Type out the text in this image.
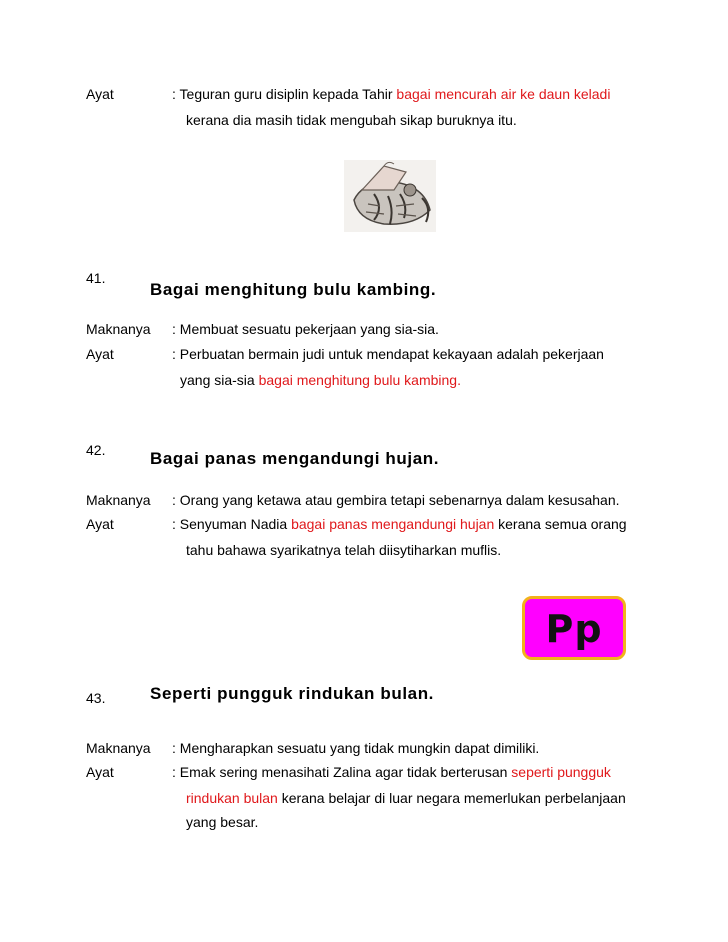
Ayat	: Teguran guru disiplin kepada Tahir bagai mencurah air ke daun keladi
kerana dia masih tidak mengubah sikap buruknya itu.
41.
Bagai menghitung bulu kambing.
Maknanya : Membuat sesuatu pekerjaan yang sia-sia.
Ayat	: Perbuatan bermain judi untuk mendapat kekayaan adalah pekerjaan
yang sia-sia bagai menghitung bulu kambing.
42.	Bagai panas mengandungi hujan.
Maknanya : Orang yang ketawa atau gembira tetapi sebenarnya dalam kesusahan.
Ayat	: Senyuman Nadia bagai panas mengandungi hujan kerana semua orang
tahu bahawa syarikatnya telah diisytiharkan muflis.
Pp
43.	Seperti pungguk rindukan bulan.
Maknanya : Mengharapkan sesuatu yang tidak mungkin dapat dimiliki.
Ayat	: Emak sering menasihati Zalina agar tidak berterusan seperti pungguk
rindukan bulan kerana belajar di luar negara memerlukan perbelanjaan
yang besar.
